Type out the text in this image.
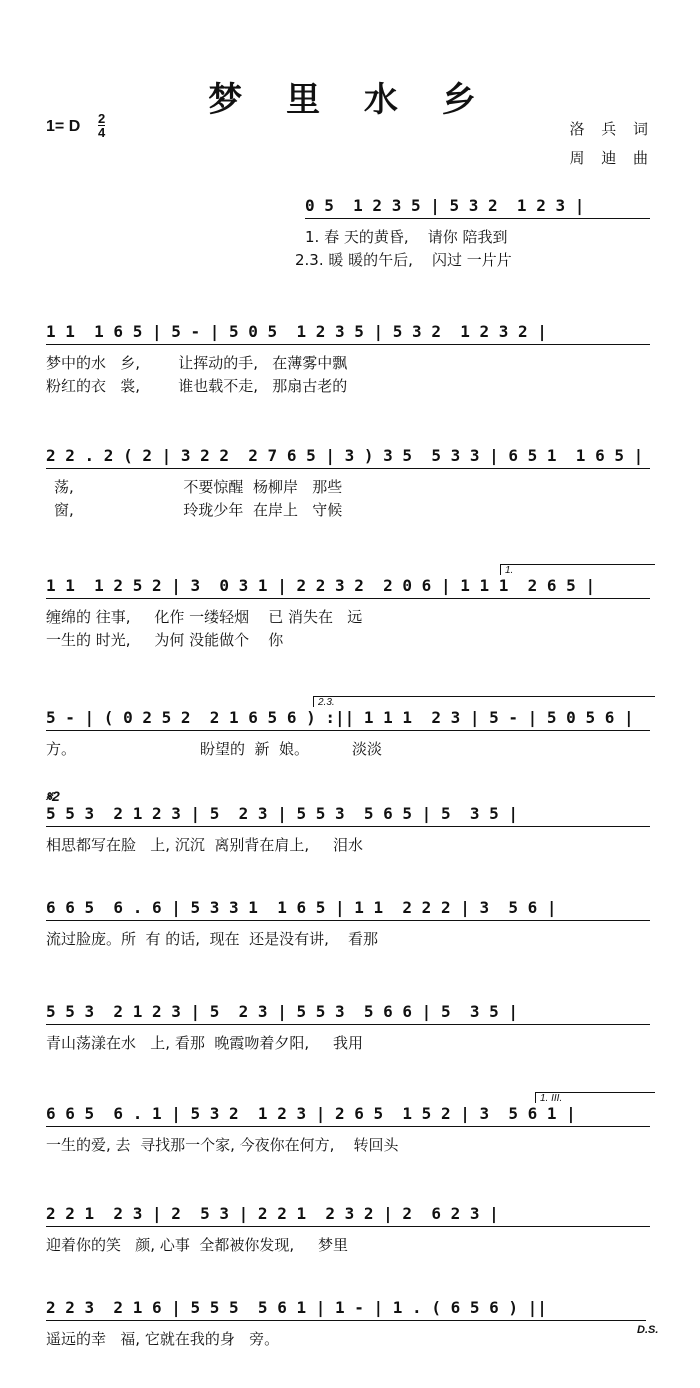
梦 里 水 乡
1= D 2
4	洛 兵 词
周 迪 曲
0 5  1 2 3 5 | 5 3 2  1 2 3 |
1. 春 天的黄昏,    请你 陪我到
2.3. 暖 暖的午后,    闪过 一片片
1 1  1 6 5 | 5 - | 5 0 5  1 2 3 5 | 5 3 2  1 2 3 2 |
梦中的水   乡,        让挥动的手,   在薄雾中飘
粉红的衣   裳,        谁也载不走,   那扇古老的
2 2 . 2 ( 2 | 3 2 2  2 7 6 5 | 3 ) 3 5  5 3 3 | 6 5 1  1 6 5 |
荡,                       不要惊醒  杨柳岸   那些
窗,                       玲珑少年  在岸上   守候
1.
1 1  1 2 5 2 | 3  0 3 1 | 2 2 3 2  2 0 6 | 1 1 1  2 6 5 |
缠绵的 往事,     化作 一缕轻烟    已 消失在   远
一生的 时光,     为何 没能做个    你
2.3.
5 - | ( 0 2 5 2  2 1 6 5 6 ) :|| 1 1 1  2 3 | 5 - | 5 0 5 6 |
方。                          盼望的  新  娘。         淡淡
𝄋2
5 5 3  2 1 2 3 | 5  2 3 | 5 5 3  5 6 5 | 5  3 5 |
相思都写在脸   上, 沉沉  离别背在肩上,     泪水
6 6 5  6 . 6 | 5 3 3 1  1 6 5 | 1 1  2 2 2 | 3  5 6 |
流过脸庞。所  有 的话,  现在  还是没有讲,    看那
5 5 3  2 1 2 3 | 5  2 3 | 5 5 3  5 6 6 | 5  3 5 |
青山荡漾在水   上, 看那  晚霞吻着夕阳,     我用
1. III.
6 6 5  6 . 1 | 5 3 2  1 2 3 | 2 6 5  1 5 2 | 3  5 6 1 |
一生的爱, 去  寻找那一个家, 今夜你在何方,    转回头
2 2 1  2 3 | 2  5 3 | 2 2 1  2 3 2 | 2  6 2 3 |
迎着你的笑   颜, 心事  全都被你发现,     梦里
2 2 3  2 1 6 | 5 5 5  5 6 1 | 1 - | 1 . ( 6 5 6 ) ||
遥远的幸   福, 它就在我的身   旁。	D.S.
